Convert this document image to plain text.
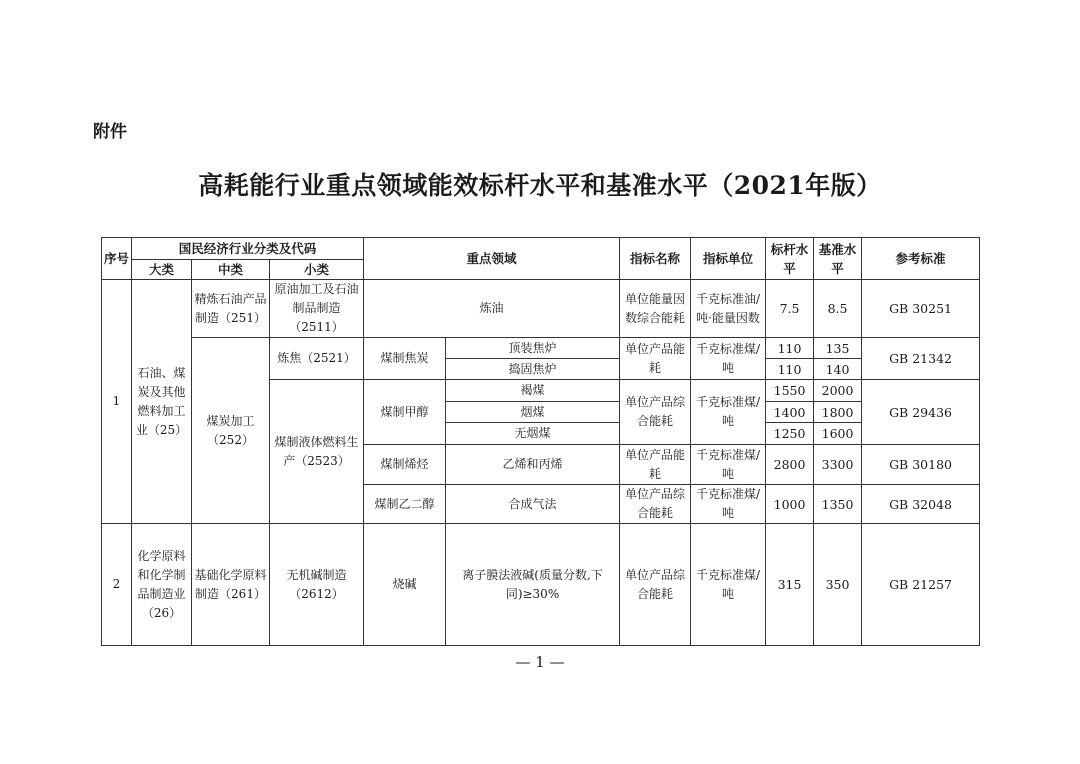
附件
高耗能行业重点领域能效标杆水平和基准水平（2021年版）
序号	国民经济行业分类及代码			重点领域		指标名称	指标单位	标杆水平	基准水平	参考标准
	大类	中类	小类							
1	石油、煤炭及其他燃料加工业（25）	精炼石油产品制造（251）	原油加工及石油制品制造（2511）	炼油		单位能量因数综合能耗	千克标准油/吨·能量因数	7.5	8.5	GB 30251
		煤炭加工（252）	炼焦（2521）	煤制焦炭	顶装焦炉	单位产品能耗	千克标准煤/吨	110	135	GB 21342
					捣固焦炉			110	140	
			煤制液体燃料生产（2523）	煤制甲醇	褐煤	单位产品综合能耗	千克标准煤/吨	1550	2000	GB 29436
					烟煤			1400	1800	
					无烟煤			1250	1600	
				煤制烯烃	乙烯和丙烯	单位产品能耗	千克标准煤/吨	2800	3300	GB 30180
				煤制乙二醇	合成气法	单位产品综合能耗	千克标准煤/吨	1000	1350	GB 32048
2	化学原料和化学制品制造业（26）	基础化学原料制造（261）	无机碱制造（2612）	烧碱	离子膜法液碱(质量分数,下同)≥30%	单位产品综合能耗	千克标准煤/吨	315	350	GB 21257
— 1 —
